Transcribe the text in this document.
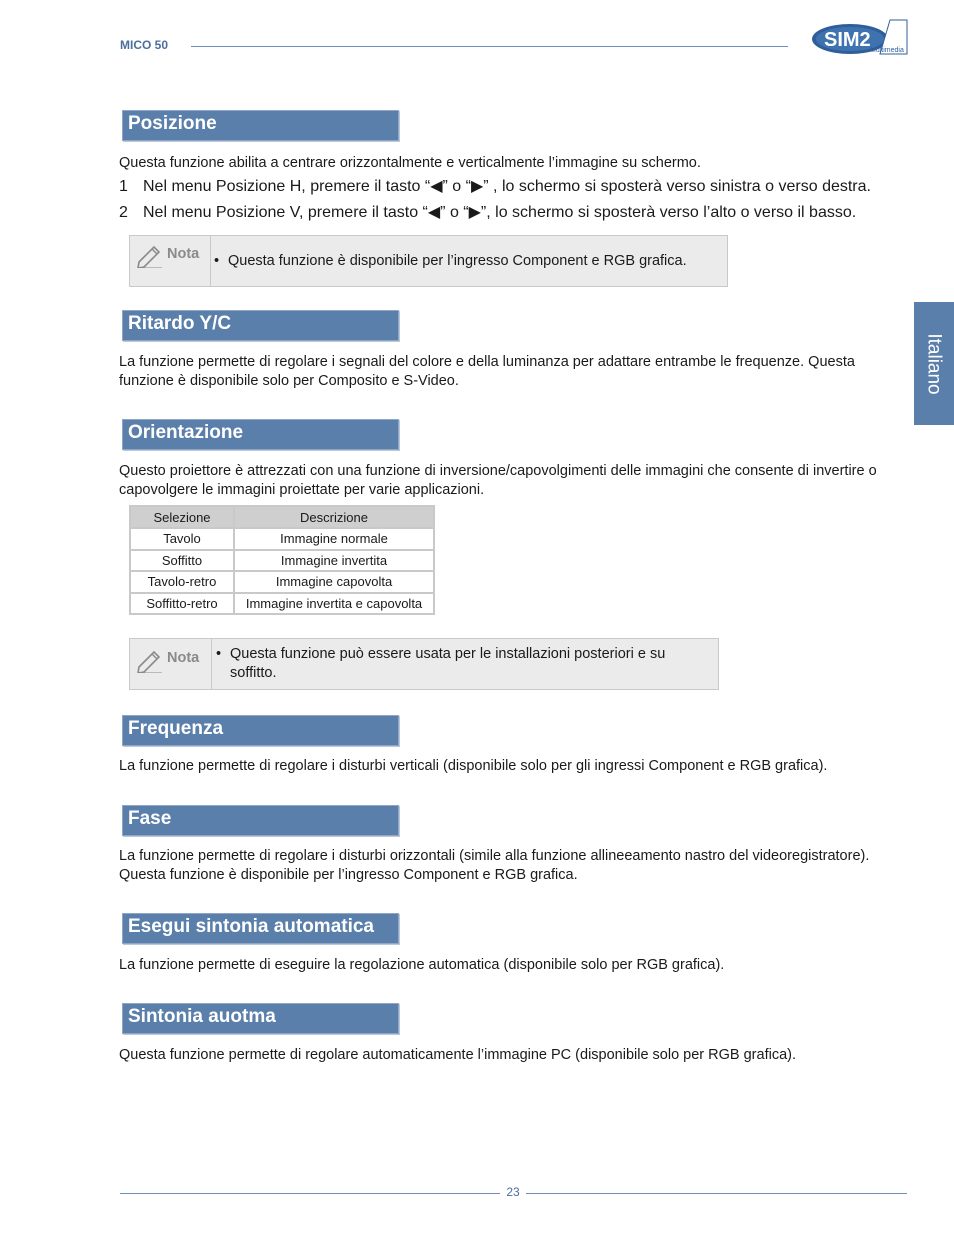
MICO 50	SIM2 Multimedia
Italiano
Posizione
Questa funzione abilita a centrare orizzontalmente e verticalmente l’immagine su schermo.
1 Nel menu Posizione H, premere il tasto “◀” o “▶” , lo schermo si sposterà verso sinistra o verso destra.
2 Nel menu Posizione V, premere il tasto “◀” o “▶”, lo schermo si sposterà verso l’alto o verso il basso.
Nota • Questa funzione è disponibile per l’ingresso Component e RGB grafica.
Ritardo Y/C
La funzione permette di regolare i segnali del colore e della luminanza per adattare entrambe le frequenze. Questa
funzione è disponibile solo per Composito e S-Video.
Orientazione
Questo proiettore è attrezzati con una funzione di inversione/capovolgimenti delle immagini che consente di invertire o
capovolgere le immagini proiettate per varie applicazioni.
Selezione	Descrizione
Tavolo	Immagine normale
Soffitto	Immagine invertita
Tavolo-retro	Immagine capovolta
Soffitto-retro	Immagine invertita e capovolta
Nota • Questa funzione può essere usata per le installazioni posteriori e su
soffitto.
Frequenza
La funzione permette di regolare i disturbi verticali (disponibile solo per gli ingressi Component e RGB grafica).
Fase
La funzione permette di regolare i disturbi orizzontali (simile alla funzione allineeamento nastro del videoregistratore).
Questa funzione è disponibile per l’ingresso Component e RGB grafica.
Esegui sintonia automatica
La funzione permette di eseguire la regolazione automatica (disponibile solo per RGB grafica).
Sintonia auotma
Questa funzione permette di regolare automaticamente l’immagine PC (disponibile solo per RGB grafica).
23
